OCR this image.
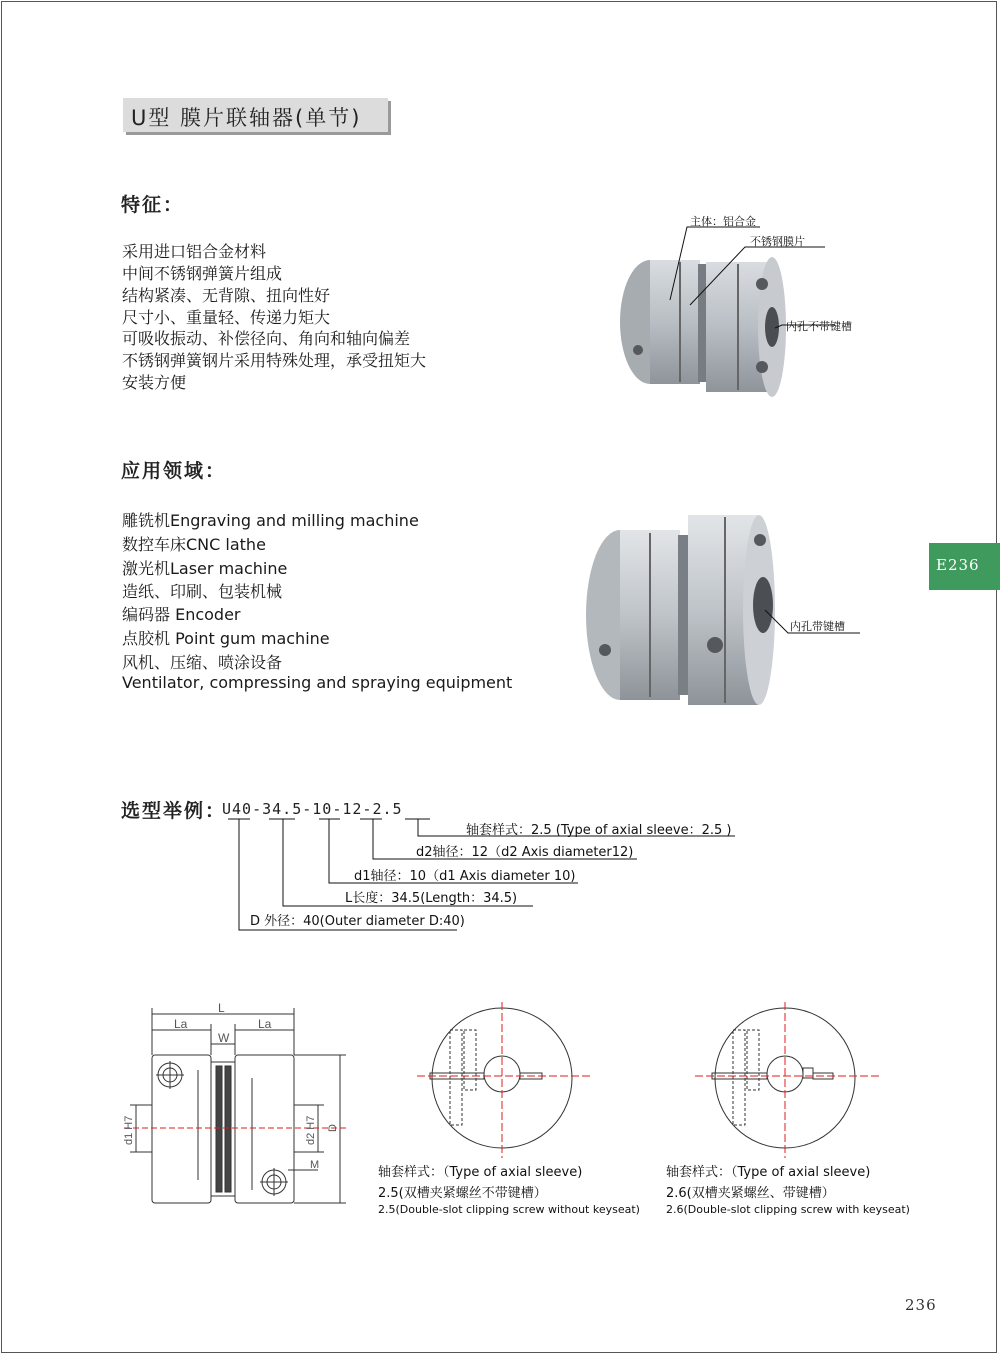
U型 膜片联轴器(单节)
特征：
采用进口铝合金材料
中间不锈钢弹簧片组成
结构紧凑、无背隙、扭向性好
尺寸小、重量轻、传递力矩大
可吸收振动、补偿径向、角向和轴向偏差
不锈钢弹簧钢片采用特殊处理，承受扭矩大
安装方便
主体：铝合金
不锈钢膜片
内孔不带键槽
应用领域：
雕铣机Engraving and milling machine
数控车床CNC lathe
激光机Laser machine
造纸、印刷、包装机械
编码器 Encoder
点胶机 Point gum machine
风机、压缩、喷涂设备
Ventilator, compressing and spraying equipment
内孔带键槽
E236
选型举例：
U40-34.5-10-12-2.5
轴套样式：2.5 (Type of axial sleeve：2.5 )
d2轴径：12（d2 Axis diameter12)
d1轴径：10（d1 Axis diameter 10)
L长度：34.5(Length：34.5)
D 外径：40(Outer diameter D:40)
L
La
W
La
d1 H7	d2 H7 D
M	轴套样式：（Type of axial sleeve)
2.5(双槽夹紧螺丝不带键槽）
2.5(Double-slot clipping screw without keyseat)
轴套样式：（Type of axial sleeve)
2.6(双槽夹紧螺丝、带键槽）
2.6(Double-slot clipping screw with keyseat)
236
